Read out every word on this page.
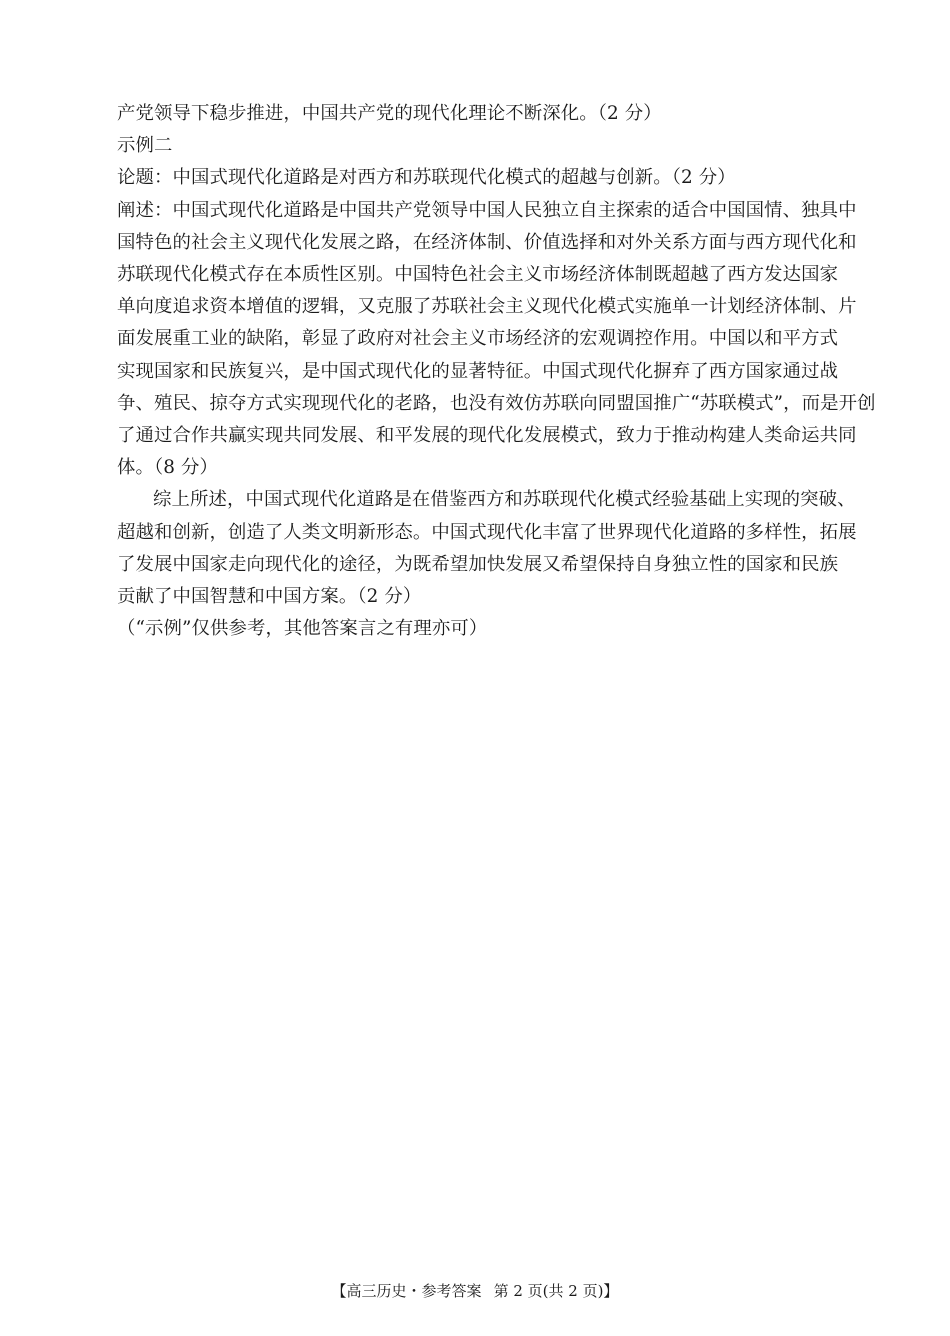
产党领导下稳步推进，中国共产党的现代化理论不断深化。（2 分）
示例二
论题：中国式现代化道路是对西方和苏联现代化模式的超越与创新。（2 分）
阐述：中国式现代化道路是中国共产党领导中国人民独立自主探索的适合中国国情、独具中
国特色的社会主义现代化发展之路，在经济体制、价值选择和对外关系方面与西方现代化和
苏联现代化模式存在本质性区别。中国特色社会主义市场经济体制既超越了西方发达国家
单向度追求资本增值的逻辑，又克服了苏联社会主义现代化模式实施单一计划经济体制、片
面发展重工业的缺陷，彰显了政府对社会主义市场经济的宏观调控作用。中国以和平方式
实现国家和民族复兴，是中国式现代化的显著特征。中国式现代化摒弃了西方国家通过战
争、殖民、掠夺方式实现现代化的老路，也没有效仿苏联向同盟国推广“苏联模式”，而是开创
了通过合作共赢实现共同发展、和平发展的现代化发展模式，致力于推动构建人类命运共同
体。（8 分）
综上所述，中国式现代化道路是在借鉴西方和苏联现代化模式经验基础上实现的突破、
超越和创新，创造了人类文明新形态。中国式现代化丰富了世界现代化道路的多样性，拓展
了发展中国家走向现代化的途径，为既希望加快发展又希望保持自身独立性的国家和民族
贡献了中国智慧和中国方案。（2 分）
（“示例”仅供参考，其他答案言之有理亦可）
【高三历史・参考答案 第 2 页(共 2 页)】
